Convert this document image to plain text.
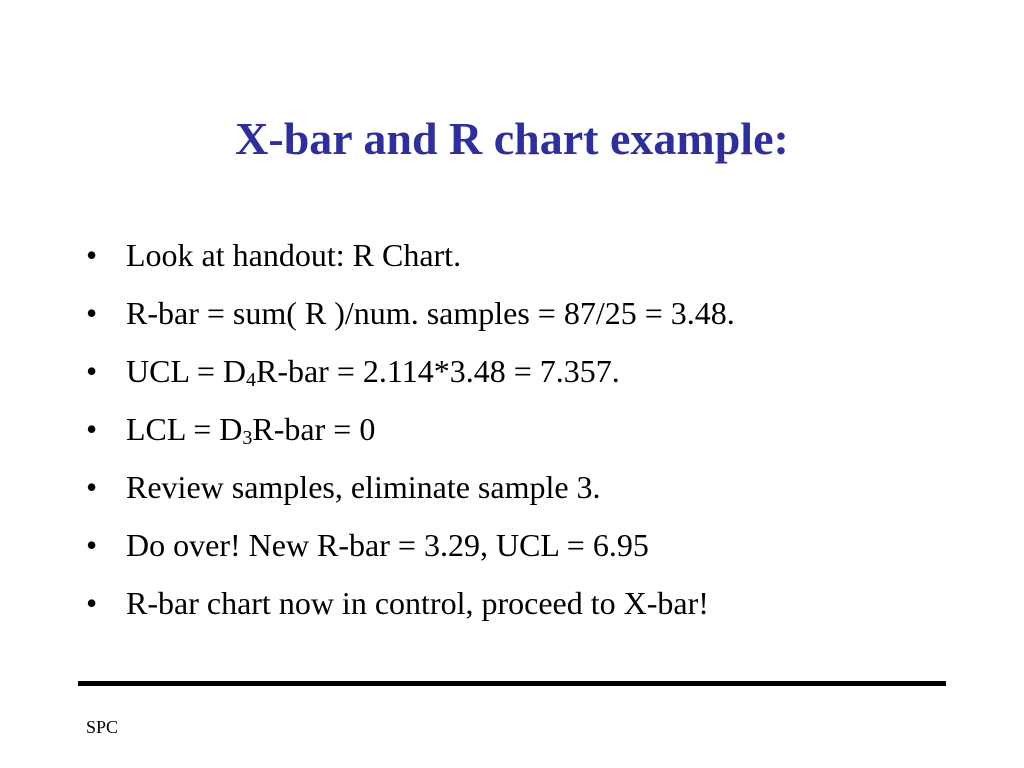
X-bar and R chart example:
• Look at handout: R Chart.
• R-bar = sum( R )/num. samples = 87/25 = 3.48.
• UCL = $D_4R$-bar = 2.114*3.48 = 7.357.
• LCL = $D_3R$-bar = 0
• Review samples, eliminate sample 3.
• Do over! New R-bar = 3.29, UCL = 6.95
• R-bar chart now in control, proceed to X-bar!
SPC
